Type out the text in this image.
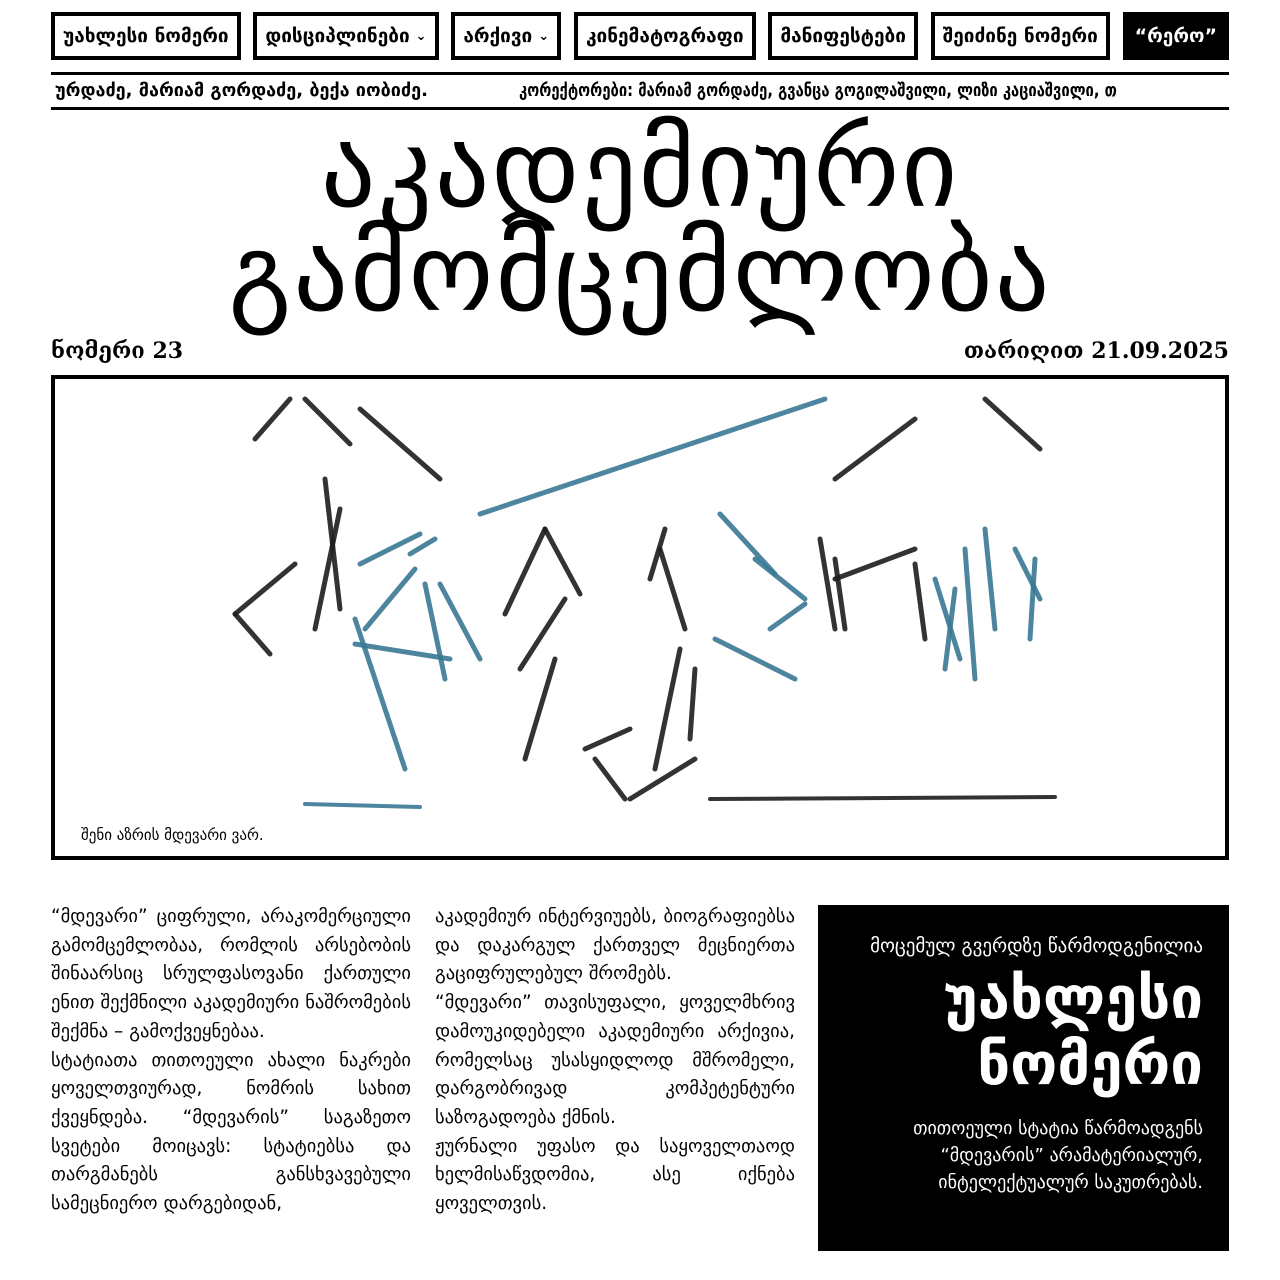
უახლესი ნომერი დისციპლინები ⌄ არქივი ⌄ კინემატოგრაფი მანიფესტები შეიძინე ნომერი “რერო”
ურდაძე, მარიამ გორდაძე, ბექა იობიძე.	კორექტორები: მარიამ გორდაძე, გვანცა გოგილაშვილი, ლიზი კაციაშვილი, თ
აკადემიური
გამომცემლობა
ნომერი 23	თარიღით 21.09.2025
შენი აზრის მდევარი ვარ.

“მდევარი” ციფრული, არაკომერციული გამომცემლობაა, რომლის არსებობის შინაარსიც სრულფასოვანი ქართული ენით შექმნილი აკადემიური ნაშრომების შექმნა – გამოქვეყნებაა.

სტატიათა თითოეული ახალი ნაკრები ყოველთვიურად, ნომრის სახით ქვეყნდება. “მდევარის” საგაზეთო სვეტები მოიცავს: სტატიებსა და თარგმანებს განსხვავებული სამეცნიერო დარგებიდან,

აკადემიურ ინტერვიუებს, ბიოგრაფიებსა და დაკარგულ ქართველ მეცნიერთა გაციფრულებულ შრომებს.

“მდევარი” თავისუფალი, ყოველმხრივ დამოუკიდებელი აკადემიური არქივია, რომელსაც უსასყიდლოდ მშრომელი, დარგობრივად კომპეტენტური საზოგადოება ქმნის.

ჟურნალი უფასო და საყოველთაოდ ხელმისაწვდომია, ასე იქნება ყოველთვის.

მოცემულ გვერდზე წარმოდგენილია
უახლესი
ნომერი
თითოეული სტატია წარმოადგენს “მდევარის” არამატერიალურ, ინტელექტუალურ საკუთრებას.
